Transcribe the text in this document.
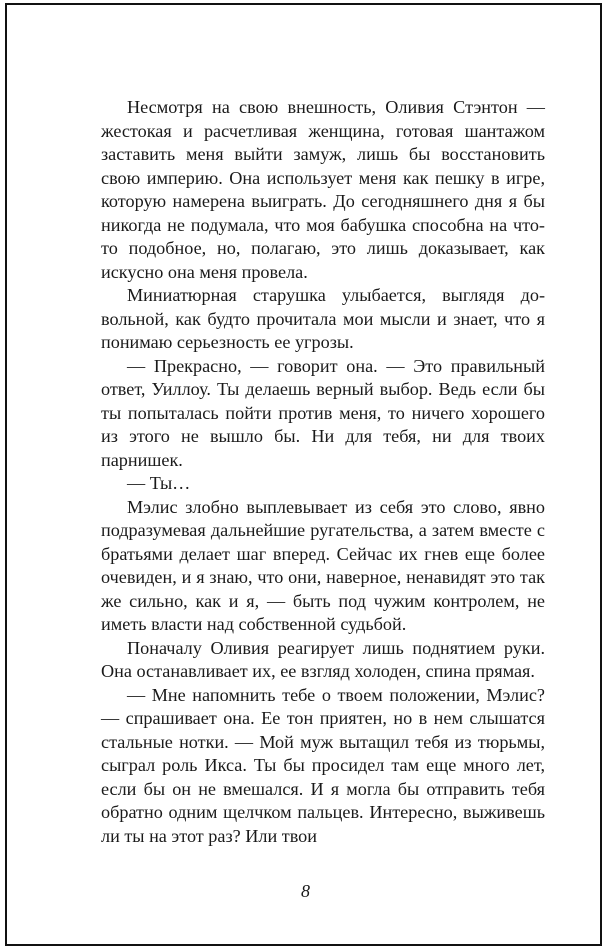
Несмотря на свою внешность, Оливия Стэнтон — жестокая и расчетливая женщина, готовая шантажом заставить меня выйти замуж, лишь бы восстановить свою империю. Она использует меня как пешку в игре, которую намерена выиграть. До сегодняшнего дня я бы никогда не подумала, что моя бабушка способна на что-то подобное, но, полагаю, это лишь доказывает, как искусно она меня провела.

Миниатюрная старушка улыбается, выглядя довольной, как будто прочитала мои мысли и знает, что я понимаю серьезность ее угрозы.

— Прекрасно, — говорит она. — Это правильный ответ, Уиллоу. Ты делаешь верный выбор. Ведь если бы ты попыталась пойти против меня, то ничего хорошего из этого не вышло бы. Ни для тебя, ни для твоих парнишек.

— Ты…

Мэлис злобно выплевывает из себя это слово, явно подразумевая дальнейшие ругательства, а затем вместе с братьями делает шаг вперед. Сейчас их гнев еще более очевиден, и я знаю, что они, наверное, ненавидят это так же сильно, как и я, — быть под чужим контролем, не иметь власти над собственной судьбой.

Поначалу Оливия реагирует лишь поднятием руки. Она останавливает их, ее взгляд холоден, спина прямая.

— Мне напомнить тебе о твоем положении, Мэлис? — спрашивает она. Ее тон приятен, но в нем слышатся стальные нотки. — Мой муж вытащил тебя из тюрьмы, сыграл роль Икса. Ты бы просидел там еще много лет, если бы он не вмешался. И я могла бы отправить тебя обратно одним щелчком пальцев. Интересно, выживешь ли ты на этот раз? Или твои

8
